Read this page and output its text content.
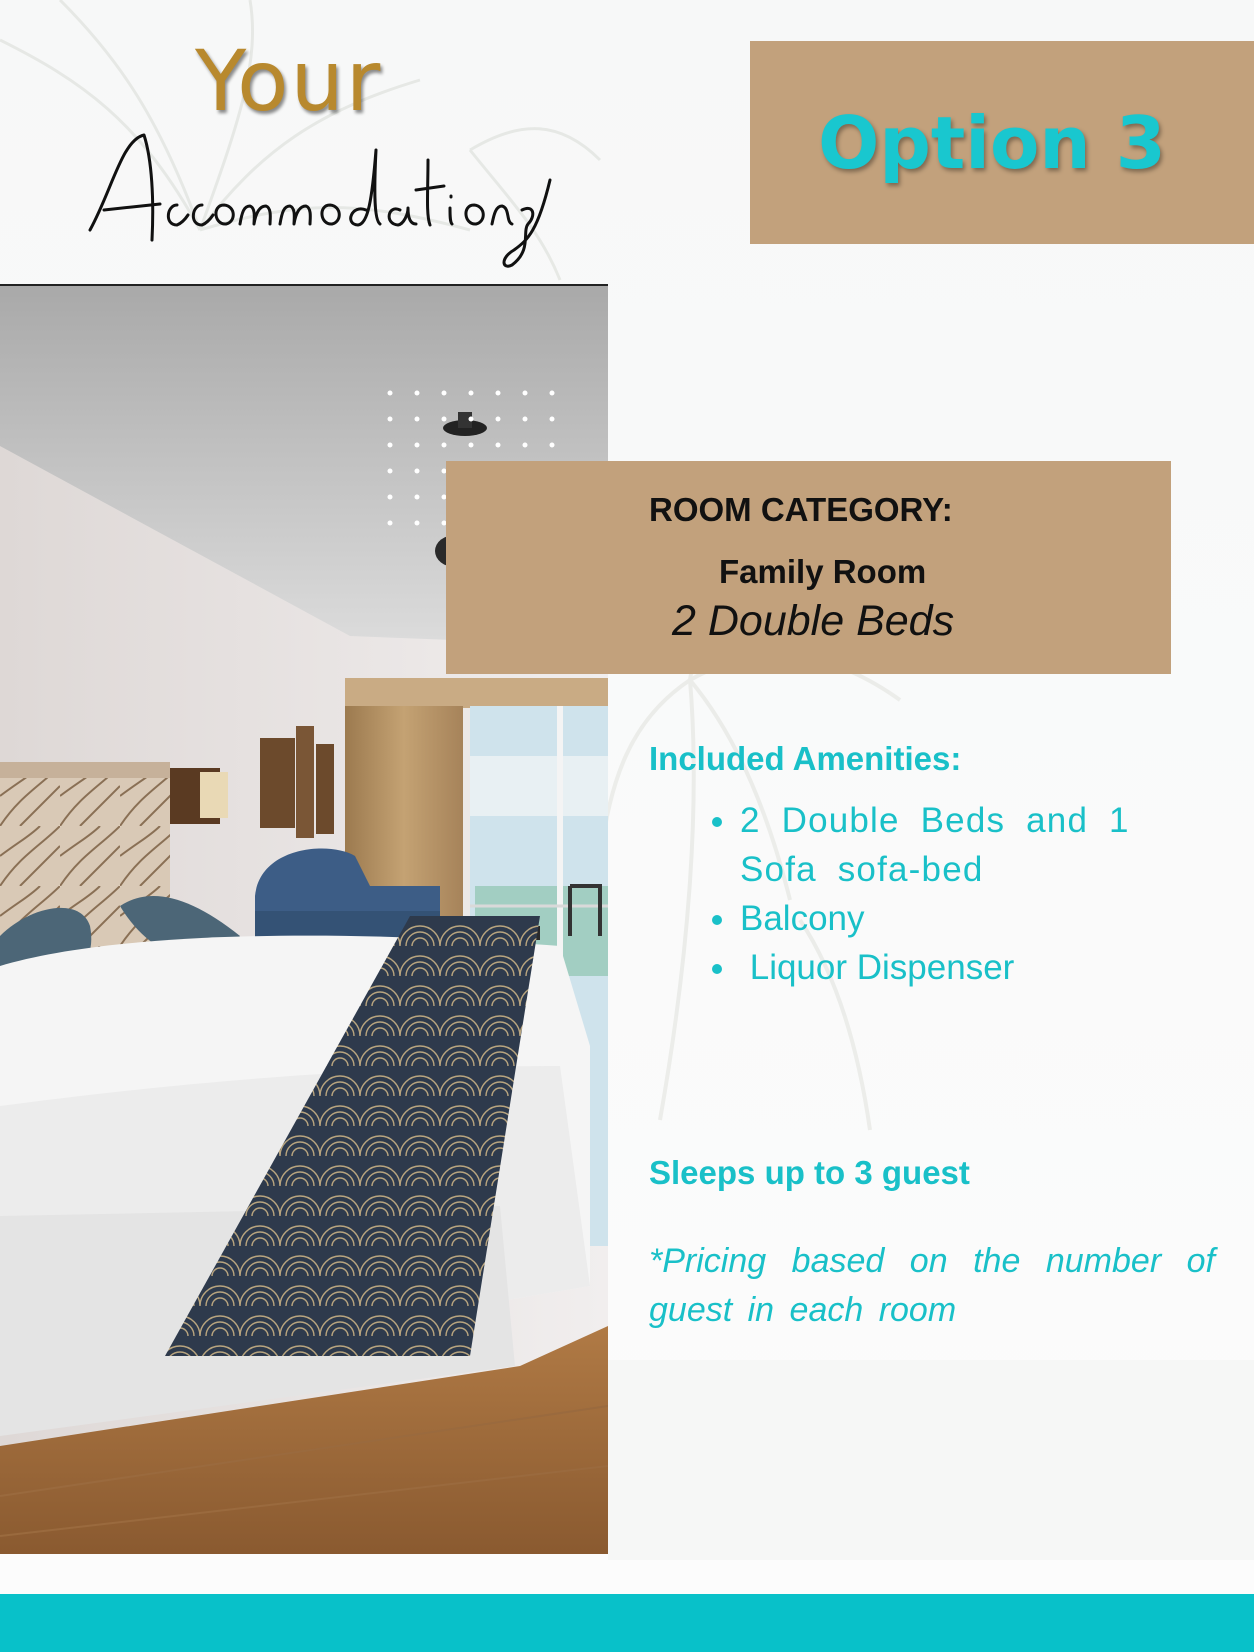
Your
Option 3
ROOM CATEGORY:
Family Room
2 Double Beds
Included Amenities:
2 Double Beds and 1 Sofa sofa-bed
Balcony
Liquor Dispenser
Sleeps up to 3 guest
*Pricing based on the number of guest in each room
